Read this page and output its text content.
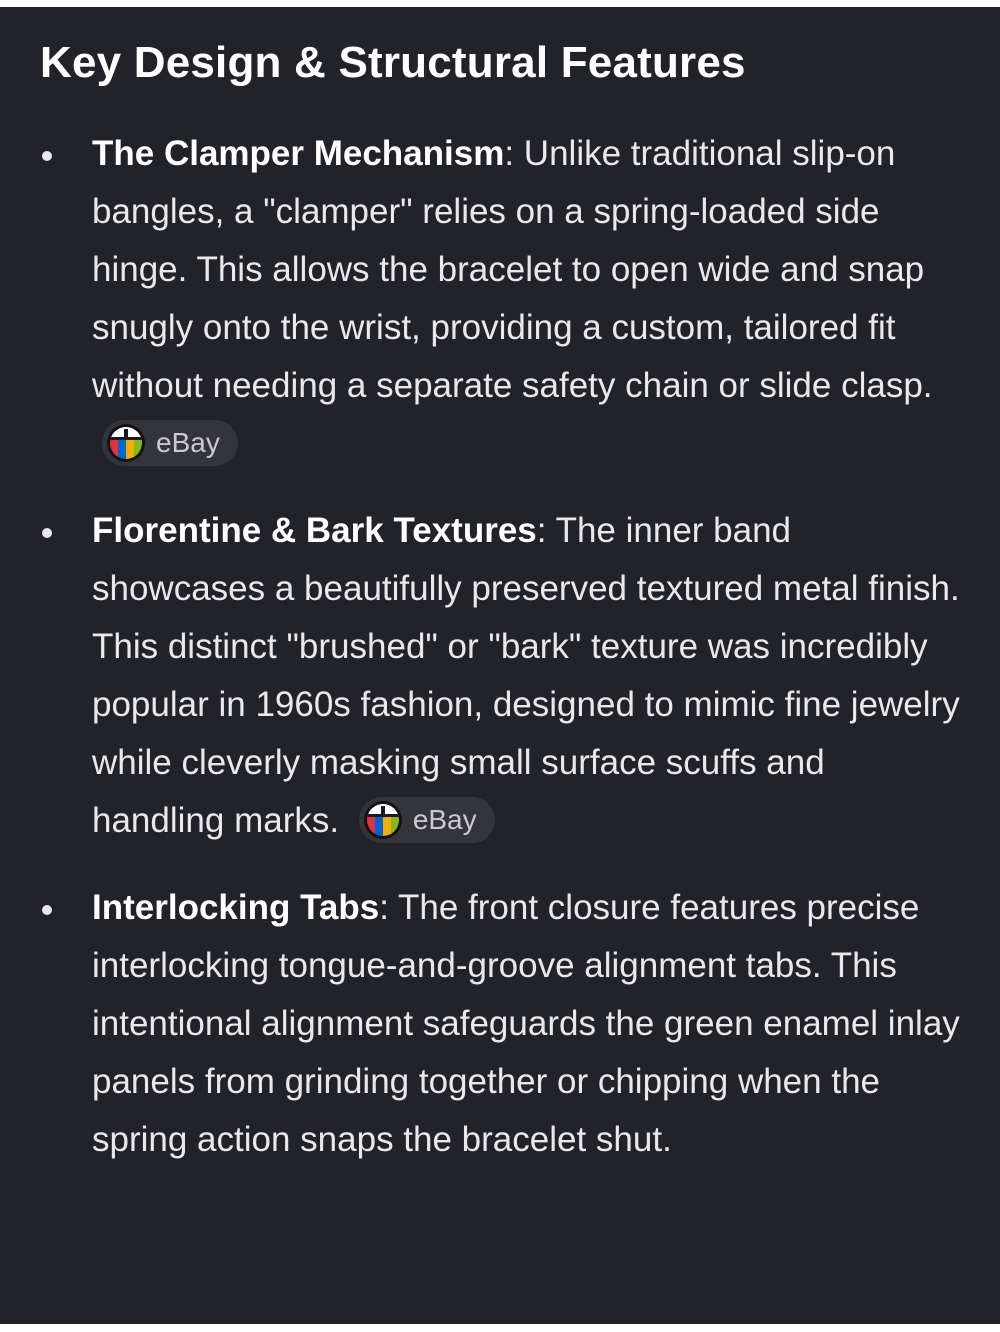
Key Design & Structural Features
The Clamper Mechanism: Unlike traditional slip-on bangles, a "clamper" relies on a spring-loaded side hinge. This allows the bracelet to open wide and snap snugly onto the wrist, providing a custom, tailored fit without needing a separate safety chain or slide clasp.
eBay
Florentine & Bark Textures: The inner band showcases a beautifully preserved textured metal finish. This distinct "brushed" or "bark" texture was incredibly popular in 1960s fashion, designed to mimic fine jewelry while cleverly masking small surface scuffs and handling marks.	eBay
Interlocking Tabs: The front closure features precise interlocking tongue-and-groove alignment tabs. This intentional alignment safeguards the green enamel inlay panels from grinding together or chipping when the spring action snaps the bracelet shut.
